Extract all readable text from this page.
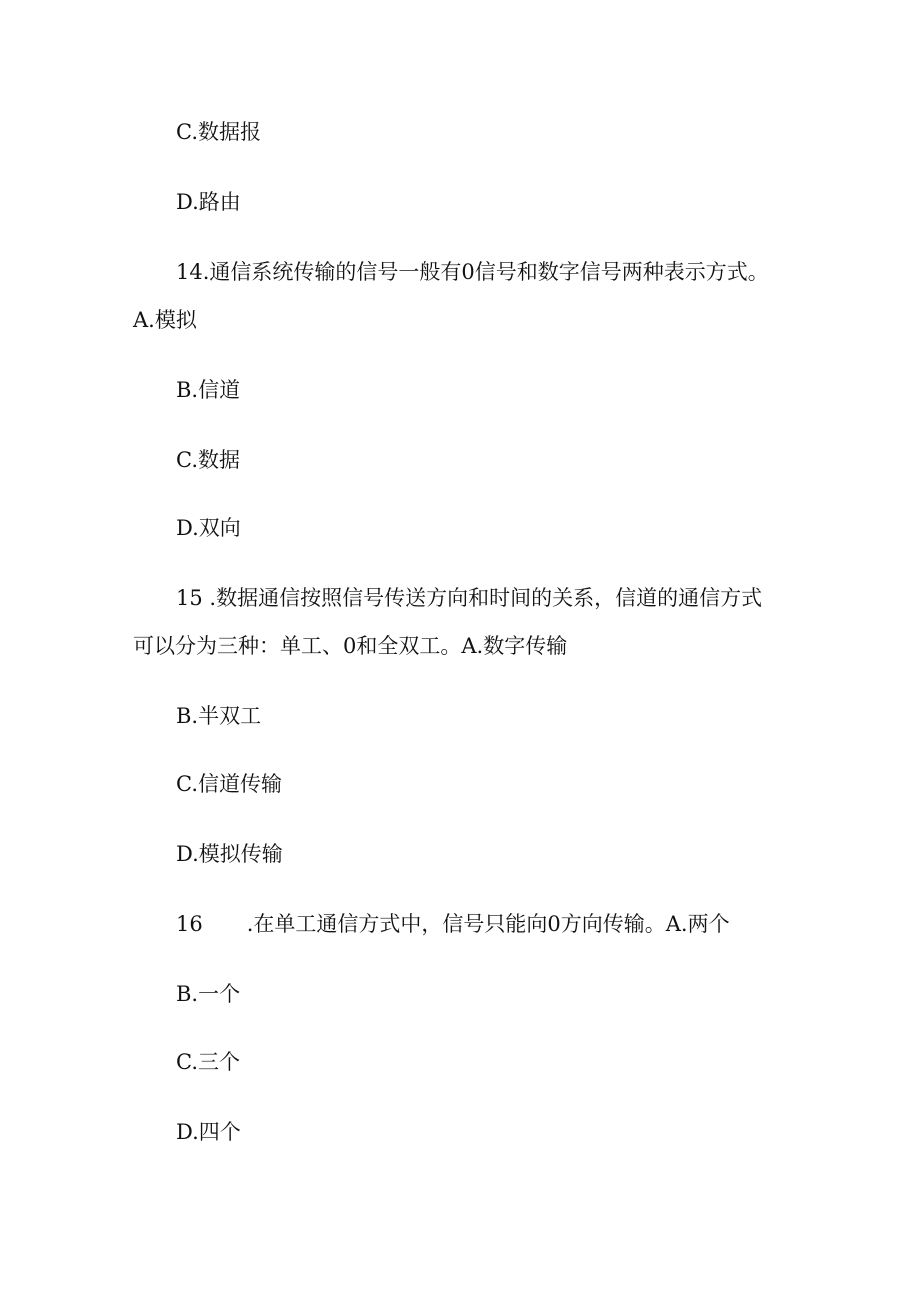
C.数据报
D.路由
14.通信系统传输的信号一般有0信号和数字信号两种表示方式。
A.模拟
B.信道
C.数据
D.双向
15 .数据通信按照信号传送方向和时间的关系，信道的通信方式
可以分为三种：单工、0和全双工。A.数字传输
B.半双工
C.信道传输
D.模拟传输
16 .在单工通信方式中，信号只能向0方向传输。A.两个
B.一个
C.三个
D.四个
